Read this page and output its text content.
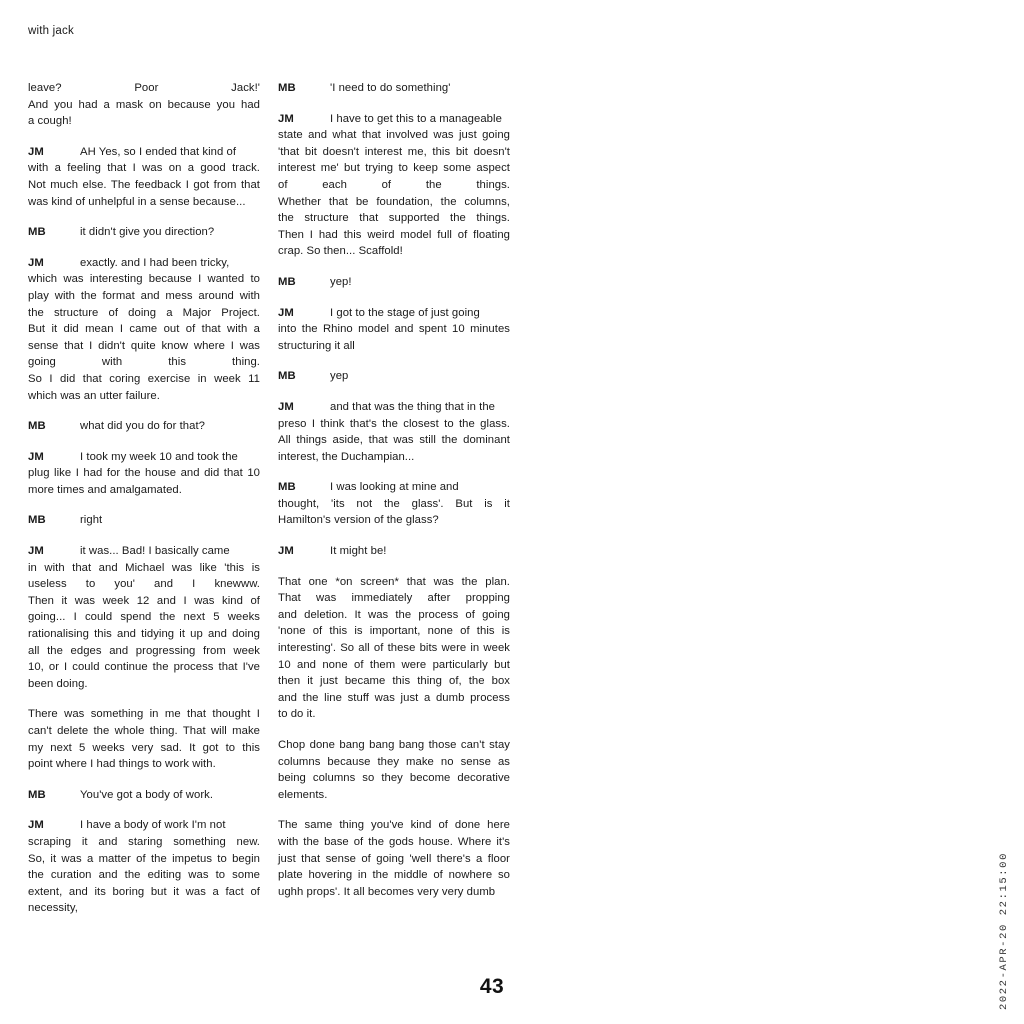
with jack
leave? Poor Jack!'
And you had a mask on because you had
a cough!
JM	AH Yes, so I ended that kind of
with a feeling that I was on a good track.
Not much else. The feedback I got from that
was kind of unhelpful in a sense because...
MB	it didn't give you direction?
JM	exactly. and I had been tricky,
which was interesting because I wanted to
play with the format and mess around with
the structure of doing a Major Project.
But it did mean I came out of that with a
sense that I didn't quite know where I was
going with this thing.
So I did that coring exercise in week 11
which was an utter failure.
MB	what did you do for that?
JM	I took my week 10 and took the
plug like I had for the house and did that 10
more times and amalgamated.
MB	right
JM	it was... Bad! I basically came
in with that and Michael was like 'this is
useless to you' and I knewww.
Then it was week 12 and I was kind of
going... I could spend the next 5 weeks
rationalising this and tidying it up and doing
all the edges and progressing from week
10, or I could continue the process that I've
been doing.
There was something in me that thought I
can't delete the whole thing. That will make
my next 5 weeks very sad. It got to this
point where I had things to work with.
MB	You've got a body of work.
JM	I have a body of work I'm not
scraping it and staring something new.
So, it was a matter of the impetus to begin
the curation and the editing was to some
extent, and its boring but it was a fact of
necessity,
MB	'I need to do something'
JM	I have to get this to a manageable
state and what that involved was just going
'that bit doesn't interest me, this bit doesn't
interest me' but trying to keep some aspect
of each of the things.
Whether that be foundation, the columns,
the structure that supported the things.
Then I had this weird model full of floating
crap. So then... Scaffold!
MB	yep!
JM	I got to the stage of just going
into the Rhino model and spent 10 minutes
structuring it all
MB	yep
JM	and that was the thing that in the
preso I think that's the closest to the glass.
All things aside, that was still the dominant
interest, the Duchampian...
MB	I was looking at mine and
thought, 'its not the glass'. But is it
Hamilton's version of the glass?
JM	It might be!
That one *on screen* that was the plan.
That was immediately after propping
and deletion. It was the process of going
'none of this is important, none of this is
interesting'. So all of these bits were in week
10 and none of them were particularly but
then it just became this thing of, the box
and the line stuff was just a dumb process
to do it.
Chop done bang bang bang those can't stay
columns because they make no sense as
being columns so they become decorative
elements.
The same thing you've kind of done here
with the base of the gods house. Where it's
just that sense of going 'well there's a floor
plate hovering in the middle of nowhere so
ughh props'. It all becomes very very dumb
43	2022-APR-20 22:15:00
